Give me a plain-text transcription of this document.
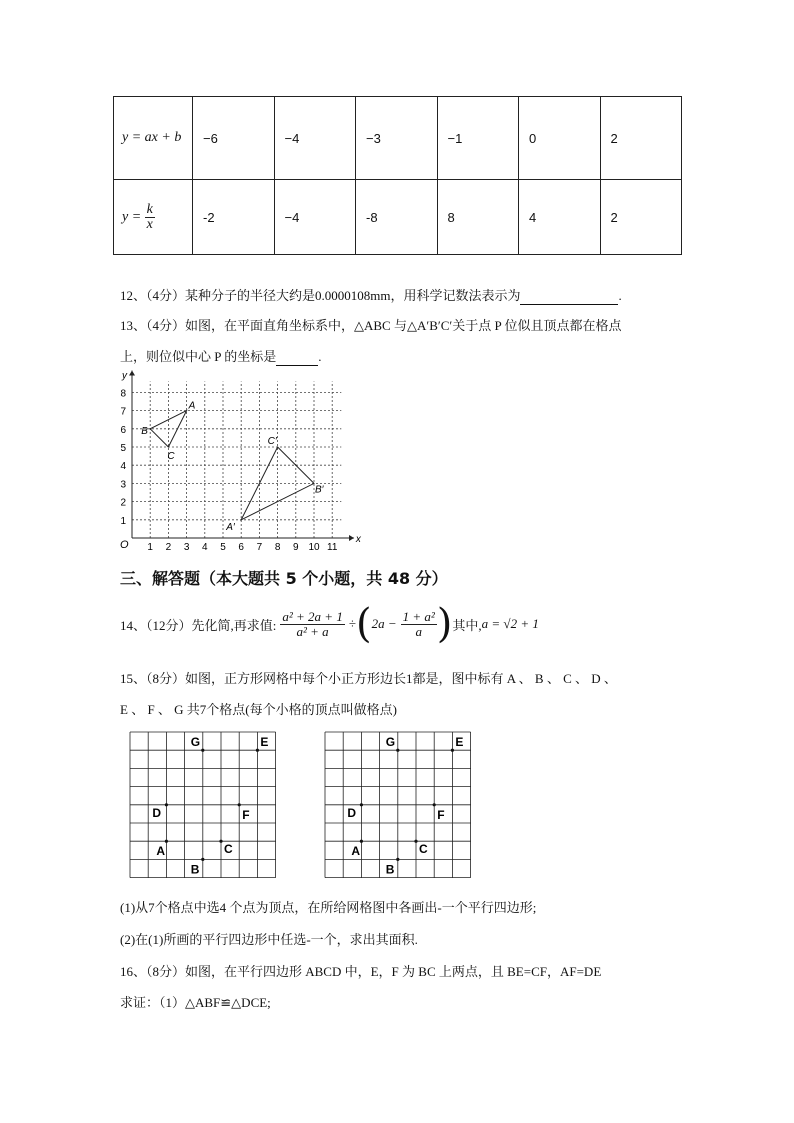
y = ax + b	−6	−4	−3	−1	0	2
$y = \frac{k}{x}$	‑2	−4	‑8	8	4	2
12、（4分）某种分子的半径大约是0.0000108mm，用科学记数法表示为	.
13、（4分）如图，在平面直角坐标系中，△ABC 与△A′B′C′关于点 P 位似且顶点都在格点
上，则位似中心 P 的坐标是	.
x
y
O 1 2 3 4 5 6 7 8 9 10 11
1
2
3
4
5
6
7
8
A
B
C
A′
B′
C′
三、解答题（本大题共 5 个小题，共 48 分）
14、（12分）先化简,再求值: $\frac{\text{a² + 2a + 1}}{\text{a² + a}}$ ÷ ( $2a - \frac{\text{1 + a²}}{a}$ ) 其中, a = √2 + 1
15、（8分）如图，正方形网格中每个小正方形边长1都是，图中标有 A 、 B 、 C 、 D 、
E 、 F 、 G 共7个格点(每个小格的顶点叫做格点)
A
B
C
D
E
F
G
A
B
C
D
E
F
G
(1)从7个格点中选4 个点为顶点，在所给网格图中各画出-一个平行四边形;
(2)在(1)所画的平行四边形中任选-一个，求出其面积.
16、（8分）如图，在平行四边形 ABCD 中，E，F 为 BC 上两点，且 BE=CF，AF=DE
求证：（1）△ABF≌△DCE;
